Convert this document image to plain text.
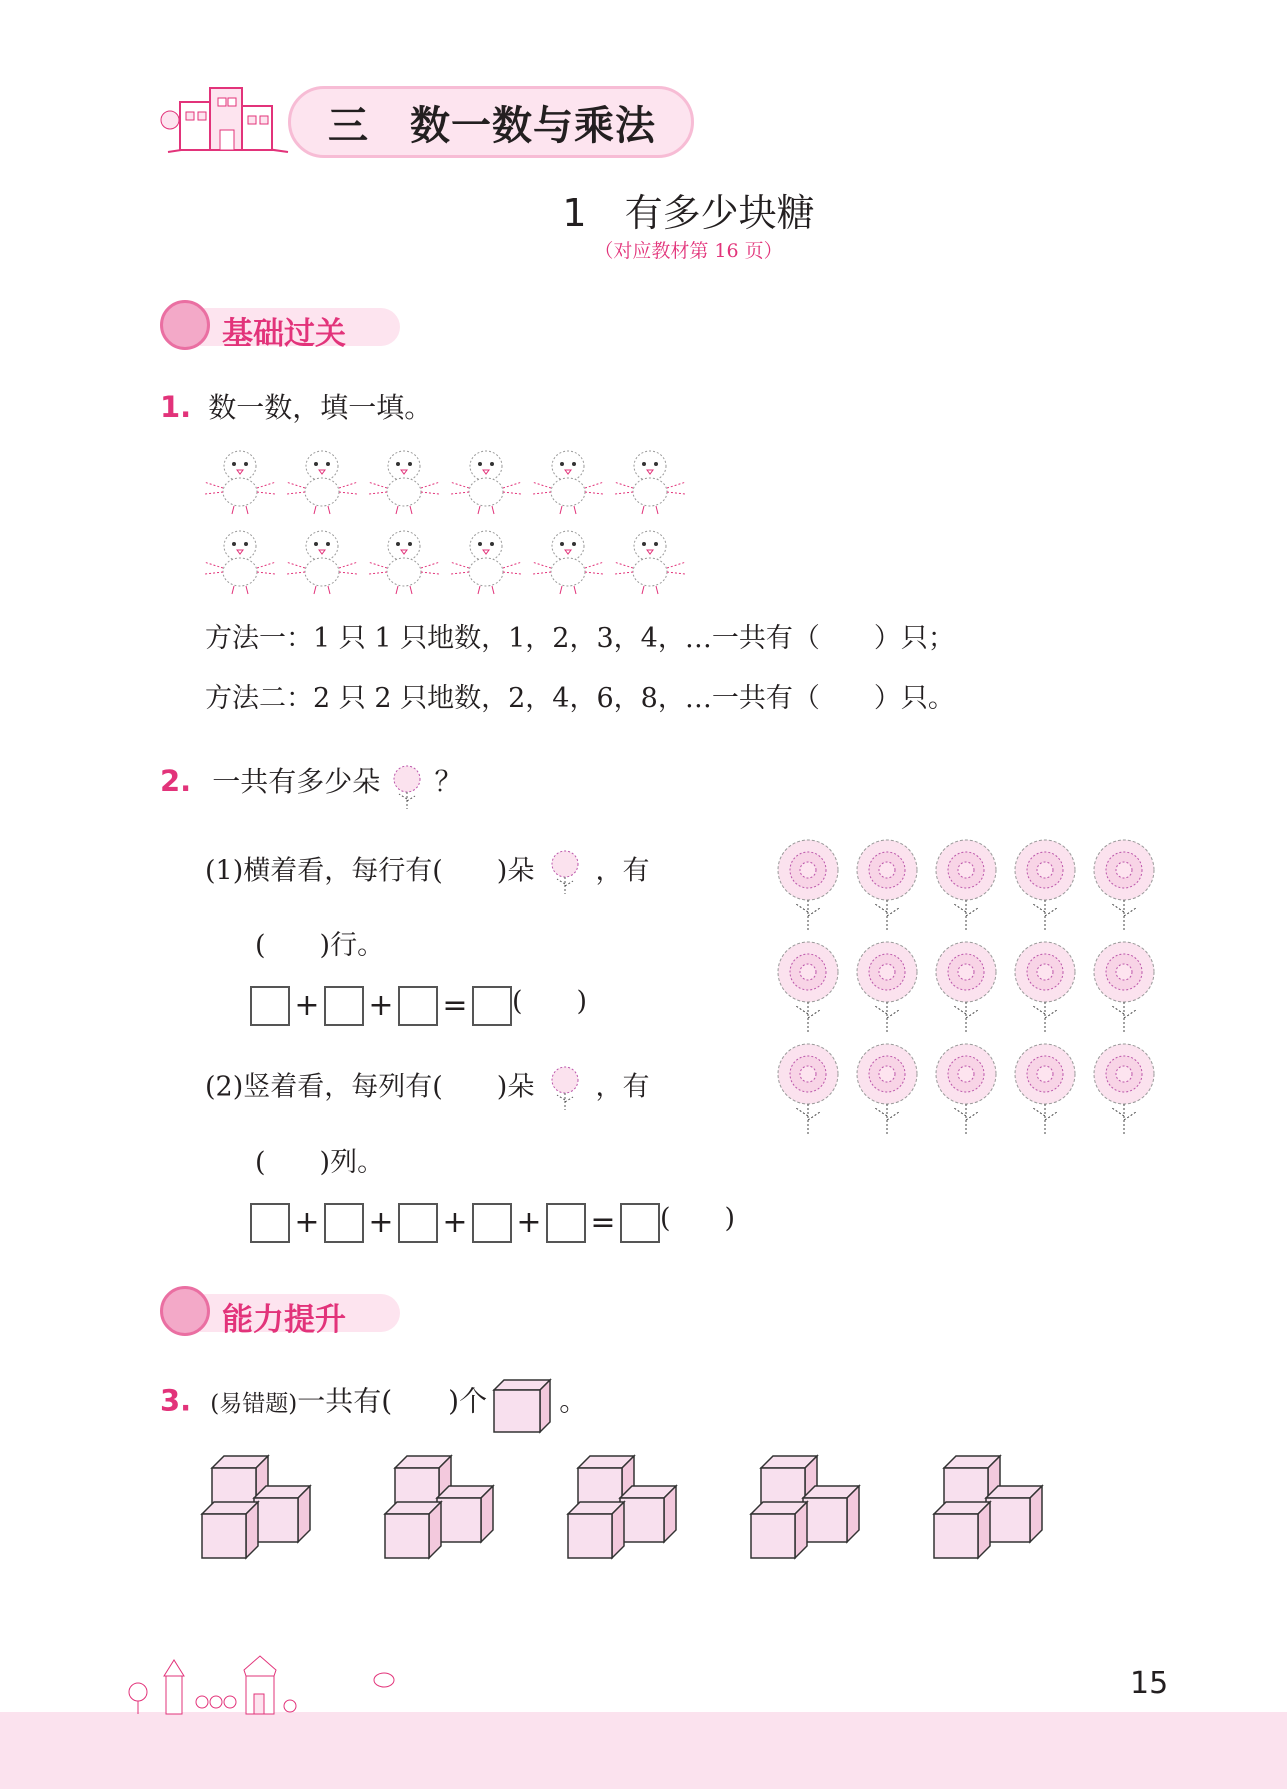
三　 数一数与乘法
1　有多少块糖
（对应教材第 16 页）
基础过关
1. 数一数，填一填。
方法一：1 只 1 只地数，1，2，3，4，…一共有（　　）只；
方法二：2 只 2 只地数，2，4，6，8，…一共有（　　）只。
2. 一共有多少朵 ？
(1)横着看，每行有(　　)朵 ，有
(　　)行。
+ + = (　　)
(2)竖着看，每列有(　　)朵 ，有
(　　)列。
+ + + + = (　　)
能力提升
3. (易错题)一共有(　　)个	。
15
